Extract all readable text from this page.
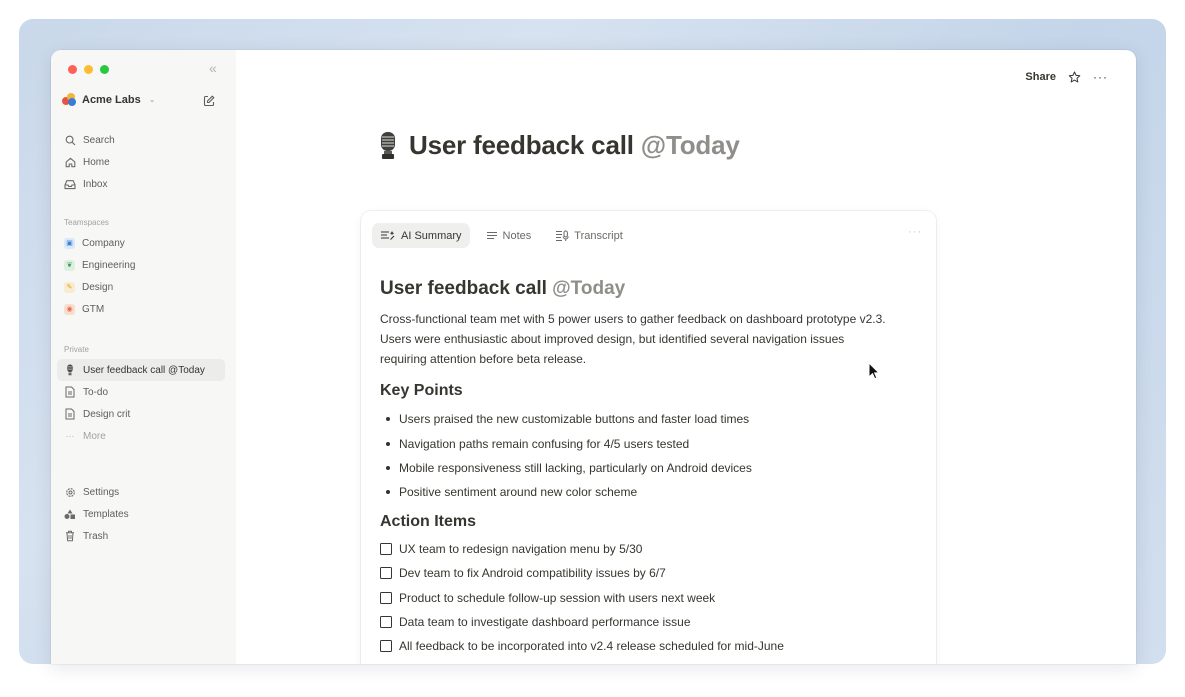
«
Acme Labs ⌄
Search
Home
Inbox
Teamspaces
▣ Company
❦ Engineering
✎ Design
◉ GTM
Private
User feedback call @Today
To-do
Design crit
··· More
Settings
Templates
Trash
Share	···
User feedback call @Today
AI Summary	Notes	Transcript	···
User feedback call @Today

Cross-functional team met with 5 power users to gather feedback on dashboard prototype v2.3. Users were enthusiastic about improved design, but identified several navigation issues requiring attention before beta release.

Key Points
Users praised the new customizable buttons and faster load times
Navigation paths remain confusing for 4/5 users tested
Mobile responsiveness still lacking, particularly on Android devices
Positive sentiment around new color scheme
Action Items
UX team to redesign navigation menu by 5/30
Dev team to fix Android compatibility issues by 6/7
Product to schedule follow-up session with users next week
Data team to investigate dashboard performance issue
All feedback to be incorporated into v2.4 release scheduled for mid-June
